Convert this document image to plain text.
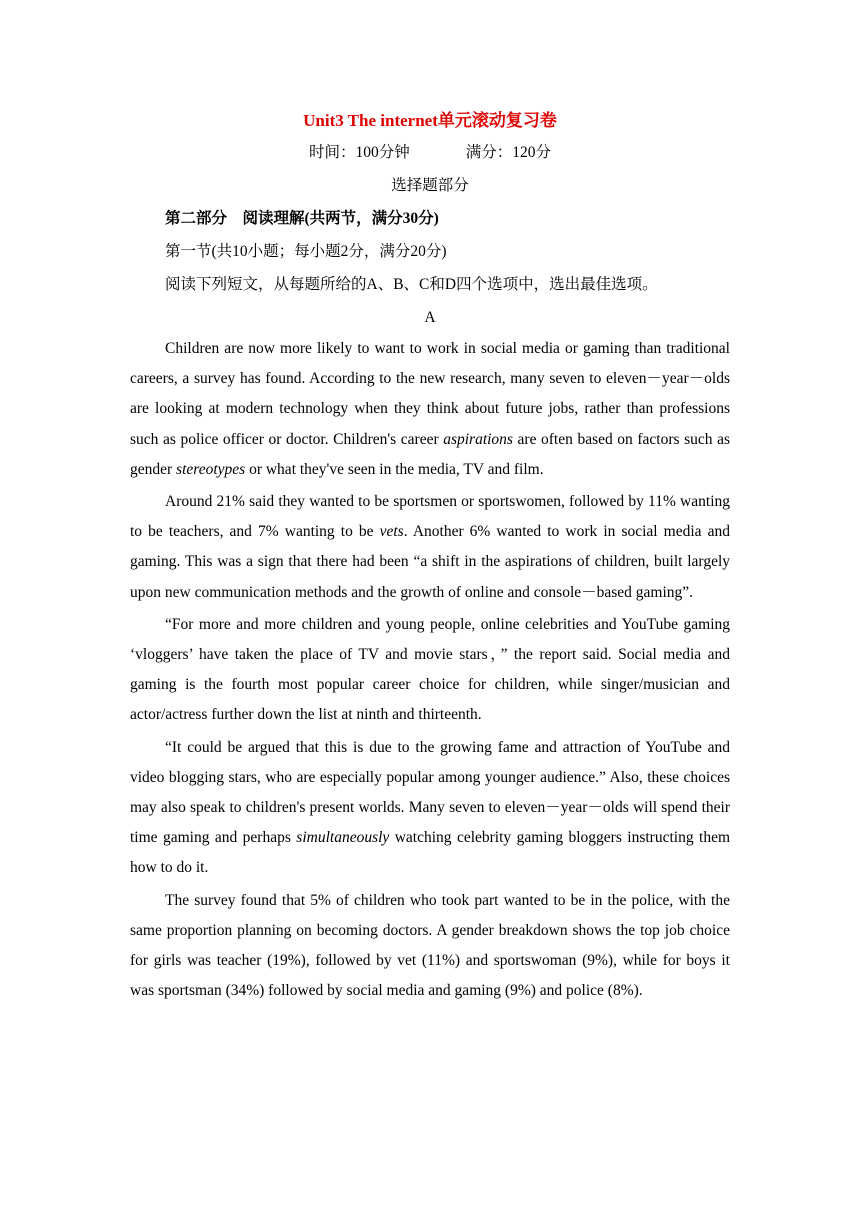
Unit3 The internet单元滚动复习卷
时间：100分钟	满分：120分
选择题部分
第二部分　阅读理解(共两节，满分30分)
第一节(共10小题；每小题2分，满分20分)
阅读下列短文，从每题所给的A、B、C和D四个选项中，选出最佳选项。
A

Children are now more likely to want to work in social media or gaming than traditional careers, a survey has found. According to the new research, many seven to eleven－year－olds are looking at modern technology when they think about future jobs, rather than professions such as police officer or doctor. Children's career aspirations are often based on factors such as gender stereotypes or what they've seen in the media, TV and film.

Around 21% said they wanted to be sportsmen or sportswomen, followed by 11% wanting to be teachers, and 7% wanting to be vets. Another 6% wanted to work in social media and gaming. This was a sign that there had been “a shift in the aspirations of children, built largely upon new communication methods and the growth of online and console－based gaming”.

“For more and more children and young people, online celebrities and YouTube gaming ‘vloggers’ have taken the place of TV and movie stars，” the report said. Social media and gaming is the fourth most popular career choice for children, while singer/musician and actor/actress further down the list at ninth and thirteenth.

“It could be argued that this is due to the growing fame and attraction of YouTube and video blogging stars, who are especially popular among younger audience.” Also, these choices may also speak to children's present worlds. Many seven to eleven－year－olds will spend their time gaming and perhaps simultaneously watching celebrity gaming bloggers instructing them how to do it.

The survey found that 5% of children who took part wanted to be in the police, with the same proportion planning on becoming doctors. A gender breakdown shows the top job choice for girls was teacher (19%), followed by vet (11%) and sportswoman (9%), while for boys it was sportsman (34%) followed by social media and gaming (9%) and police (8%).
